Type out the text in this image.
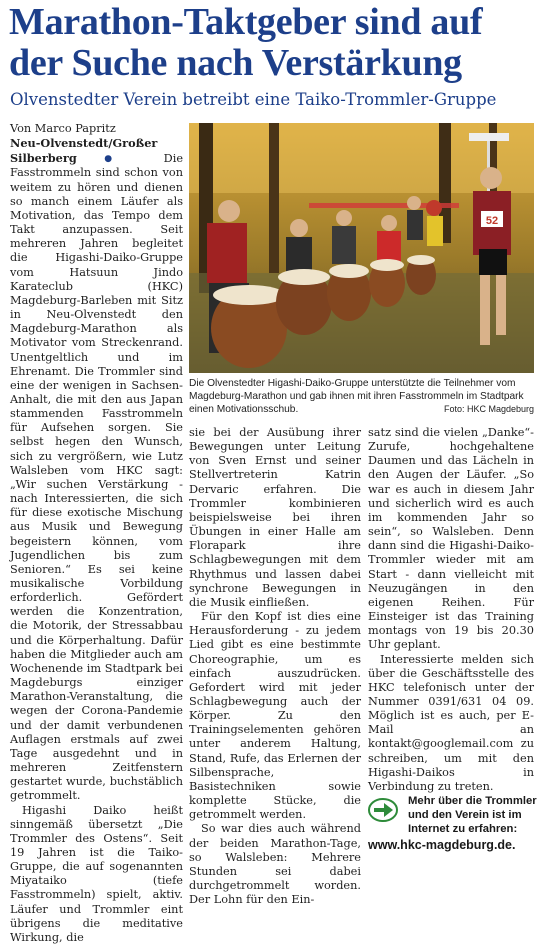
Marathon-Taktgeber sind auf
der Suche nach Verstärkung
Olvenstedter Verein betreibt eine Taiko-Trommler-Gruppe
Von Marco Papritz

Neu-Olvenstedt/Großer Silberberg	● Die Fasstrommeln sind schon von weitem zu hören und dienen so manch einem Läufer als Motivation, das Tempo dem Takt anzupassen. Seit mehreren Jahren begleitet die Higashi-Daiko-Gruppe vom Hatsuun Jindo Karateclub (HKC) Magdeburg-Barleben mit Sitz in Neu-Olvenstedt den Magdeburg-Marathon als Motivator vom Streckenrand. Unentgeltlich und im Ehrenamt. Die Trommler sind eine der wenigen in Sachsen-Anhalt, die mit den aus Japan stammenden Fasstrommeln für Aufsehen sorgen. Sie selbst hegen den Wunsch, sich zu vergrößern, wie Lutz Walsleben vom HKC sagt: „Wir suchen Verstärkung - nach Interessierten, die sich für diese exotische Mischung aus Musik und Bewegung begeistern können, vom Jugendlichen bis zum Senioren.“ Es sei keine musikalische Vorbildung erforderlich. Gefördert werden die Konzentration, die Motorik, der Stressabbau und die Körperhaltung. Dafür haben die Mitglieder auch am Wochenende im Stadtpark bei Magdeburgs einziger Marathon-Veranstaltung, die wegen der Corona-Pandemie und der damit verbundenen Auflagen erstmals auf zwei Tage ausgedehnt und in mehreren Zeitfenstern gestartet wurde, buchstäblich getrommelt.

Higashi Daiko heißt sinngemäß übersetzt „Die Trommler des Ostens“. Seit 19 Jahren ist die Taiko-Gruppe, die auf sogenannten Miyataiko (tiefe Fasstrommeln) spielt, aktiv. Läufer und Trommler eint übrigens die meditative Wirkung, die

52
Die Olvenstedter Higashi-Daiko-Gruppe unterstützte die Teilnehmer vom Magdeburg-Marathon und gab ihnen mit ihren Fasstrommeln im Stadtpark einen Motivationsschub.	Foto: HKC Magdeburg

sie bei der Ausübung ihrer Bewegungen unter Leitung von Sven Ernst und seiner Stellvertreterin Katrin Dervaric erfahren. Die Trommler kombinieren beispielsweise bei ihren Übungen in einer Halle am Florapark ihre Schlagbewegungen mit dem Rhythmus und lassen dabei synchrone Bewegungen in die Musik einfließen.

Für den Kopf ist dies eine Herausforderung - zu jedem Lied gibt es eine bestimmte Choreographie, um es einfach auszudrücken. Gefordert wird mit jeder Schlagbewegung auch der Körper. Zu den Trainingselementen gehören unter anderem Haltung, Stand, Rufe, das Erlernen der Silbensprache, Basistechniken sowie komplette Stücke, die getrommelt werden.

So war dies auch während der beiden Marathon-Tage, so Walsleben: Mehrere Stunden sei dabei durchgetrommelt worden. Der Lohn für den Ein-

satz sind die vielen „Danke“-Zurufe, hochgehaltene Daumen und das Lächeln in den Augen der Läufer. „So war es auch in diesem Jahr und sicherlich wird es auch im kommenden Jahr so sein“, so Walsleben. Denn dann sind die Higashi-Daiko-Trommler wieder mit am Start - dann vielleicht mit Neuzugängen in den eigenen Reihen. Für Einsteiger ist das Training montags von 19 bis 20.30 Uhr geplant.

Interessierte melden sich über die Geschäftsstelle des HKC telefonisch unter der Nummer 0391/631 04 09. Möglich ist es auch, per E-Mail an kontakt@googlemail.com zu schreiben, um mit den Higashi-Daikos in Verbindung zu treten.

Mehr über die Trommler und den Verein ist im Internet zu erfahren:
www.hkc-magdeburg.de.
